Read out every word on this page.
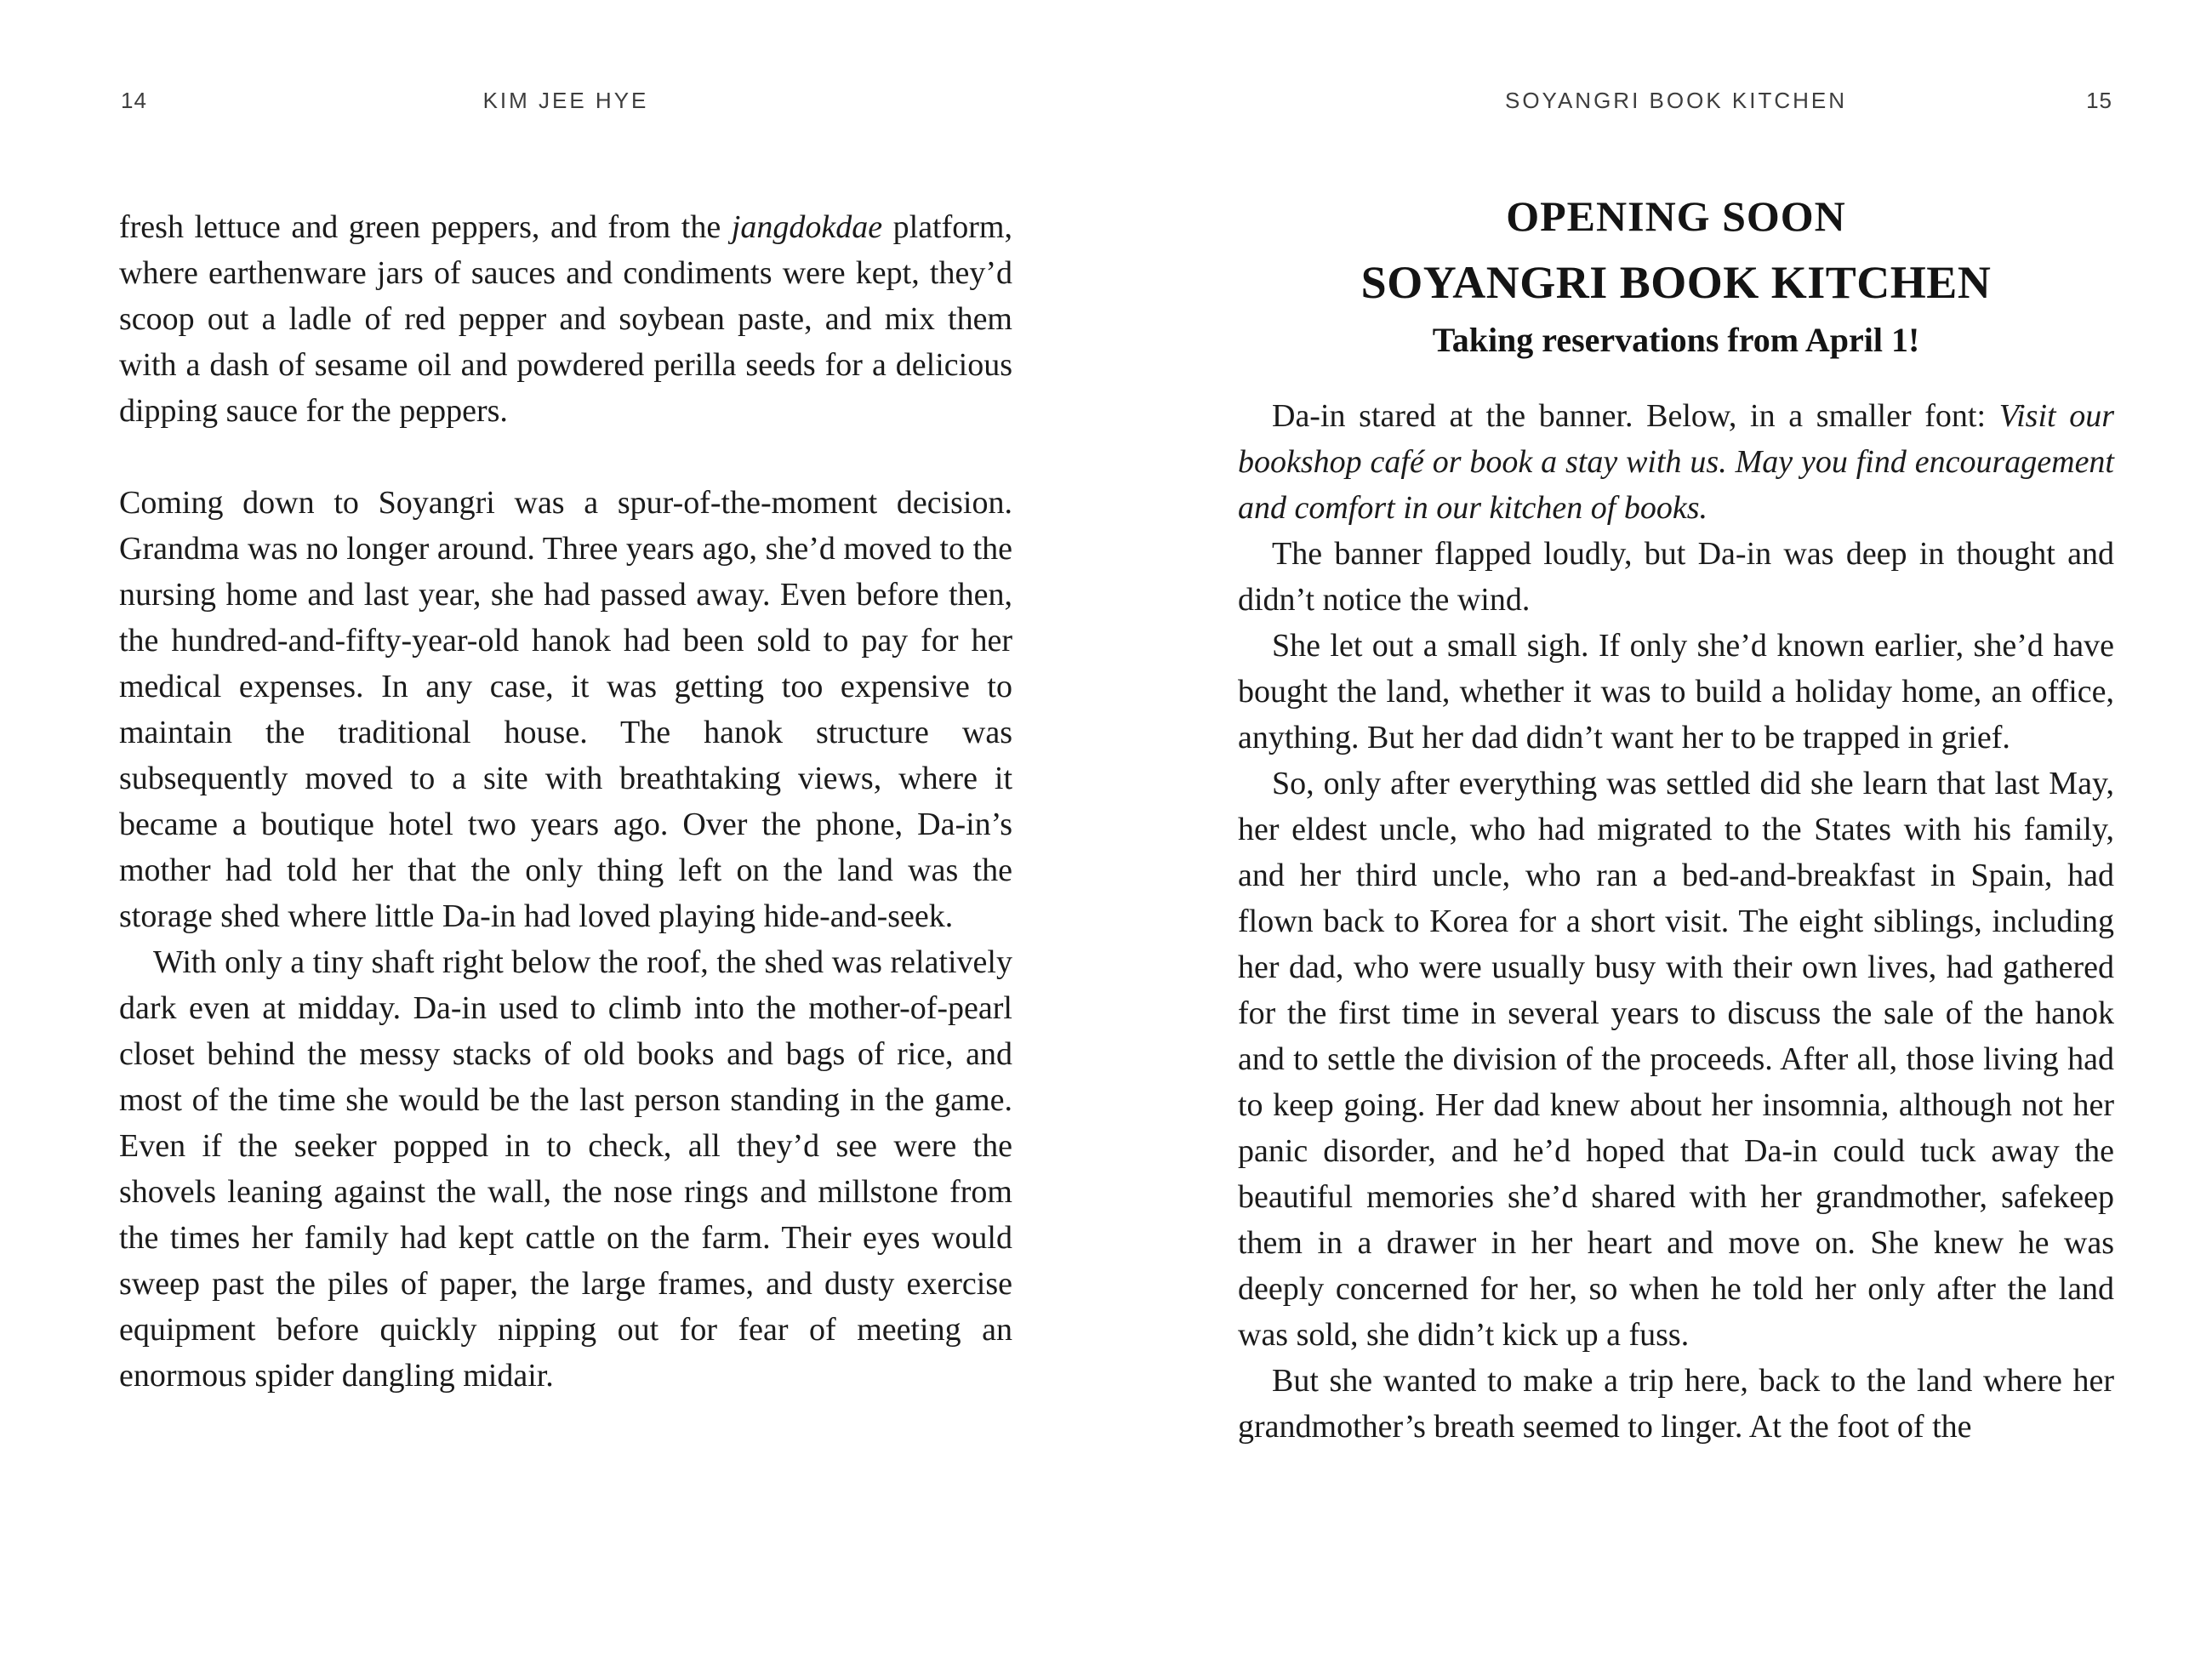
14	KIM JEE HYE

fresh lettuce and green peppers, and from the jangdokdae platform, where earthenware jars of sauces and condiments were kept, they’d scoop out a ladle of red pepper and soybean paste, and mix them with a dash of sesame oil and powdered perilla seeds for a delicious dipping sauce for the peppers.

Coming down to Soyangri was a spur-of-the-moment decision. Grandma was no longer around. Three years ago, she’d moved to the nursing home and last year, she had passed away. Even before then, the hundred-and-fifty-year-old hanok had been sold to pay for her medical expenses. In any case, it was getting too expensive to maintain the traditional house. The hanok structure was subsequently moved to a site with breathtaking views, where it became a boutique hotel two years ago. Over the phone, Da-in’s mother had told her that the only thing left on the land was the storage shed where little Da-in had loved playing hide-and-seek.

With only a tiny shaft right below the roof, the shed was relatively dark even at midday. Da-in used to climb into the mother-of-pearl closet behind the messy stacks of old books and bags of rice, and most of the time she would be the last person standing in the game. Even if the seeker popped in to check, all they’d see were the shovels leaning against the wall, the nose rings and millstone from the times her family had kept cattle on the farm. Their eyes would sweep past the piles of paper, the large frames, and dusty exercise equipment before quickly nipping out for fear of meeting an enormous spider dangling midair.

SOYANGRI BOOK KITCHEN	15
OPENING SOON
SOYANGRI BOOK KITCHEN
Taking reservations from April 1!

Da-in stared at the banner. Below, in a smaller font: Visit our bookshop café or book a stay with us. May you find encouragement and comfort in our kitchen of books.

The banner flapped loudly, but Da-in was deep in thought and didn’t notice the wind.

She let out a small sigh. If only she’d known earlier, she’d have bought the land, whether it was to build a holiday home, an office, anything. But her dad didn’t want her to be trapped in grief.

So, only after everything was settled did she learn that last May, her eldest uncle, who had migrated to the States with his family, and her third uncle, who ran a bed-and-breakfast in Spain, had flown back to Korea for a short visit. The eight siblings, including her dad, who were usually busy with their own lives, had gathered for the first time in several years to discuss the sale of the hanok and to settle the division of the proceeds. After all, those living had to keep going. Her dad knew about her insomnia, although not her panic disorder, and he’d hoped that Da-in could tuck away the beautiful memories she’d shared with her grandmother, safekeep them in a drawer in her heart and move on. She knew he was deeply concerned for her, so when he told her only after the land was sold, she didn’t kick up a fuss.

But she wanted to make a trip here, back to the land where her grandmother’s breath seemed to linger. At the foot of the
